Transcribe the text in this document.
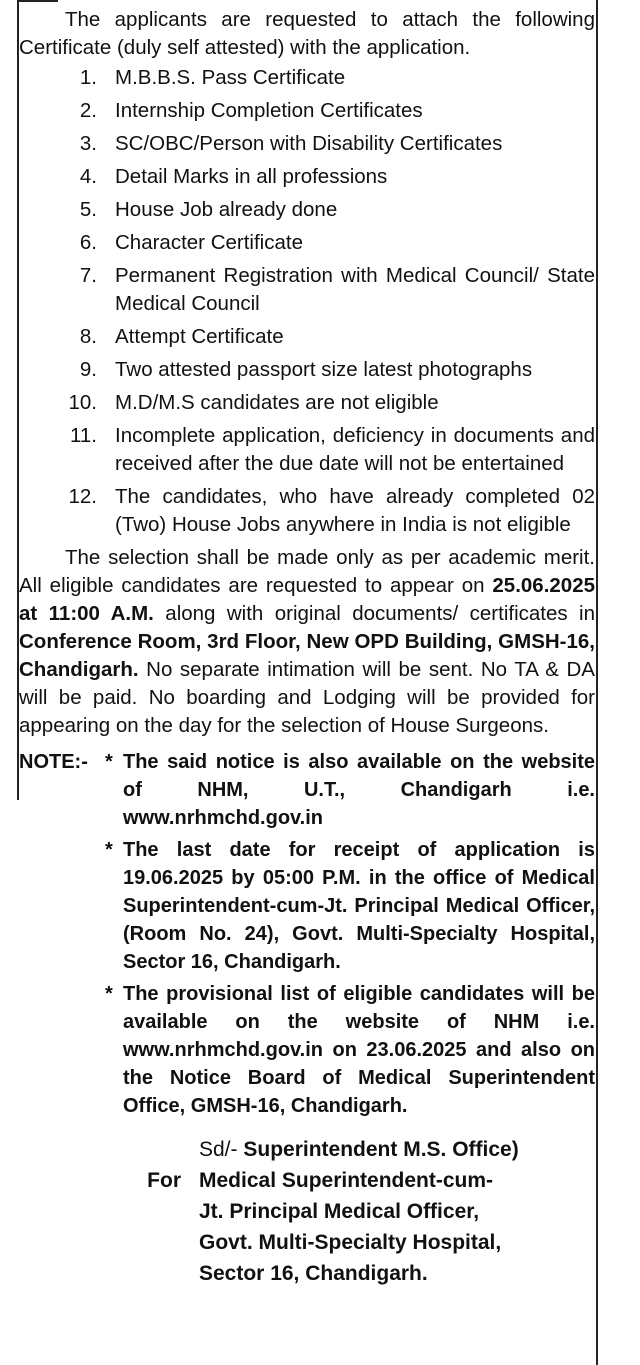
The applicants are requested to attach the following Certificate (duly self attested) with the application.
1. M.B.B.S. Pass Certificate
2. Internship Completion Certificates
3. SC/OBC/Person with Disability Certificates
4. Detail Marks in all professions
5. House Job already done
6. Character Certificate
7. Permanent Registration with Medical Council/ State Medical Council
8. Attempt Certificate
9. Two attested passport size latest photographs
10. M.D/M.S candidates are not eligible
11. Incomplete application, deficiency in documents and received after the due date will not be entertained
12. The candidates, who have already completed 02 (Two) House Jobs anywhere in India is not eligible
The selection shall be made only as per academic merit. All eligible candidates are requested to appear on 25.06.2025 at 11:00 A.M. along with original documents/ certificates in Conference Room, 3rd Floor, New OPD Building, GMSH-16, Chandigarh. No separate intimation will be sent. No TA & DA will be paid. No boarding and Lodging will be provided for appearing on the day for the selection of House Surgeons.
NOTE:- * The said notice is also available on the website of NHM, U.T., Chandigarh i.e. www.nrhmchd.gov.in
* The last date for receipt of application is 19.06.2025 by 05:00 P.M. in the office of Medical Superintendent-cum-Jt. Principal Medical Officer, (Room No. 24), Govt. Multi-Specialty Hospital, Sector 16, Chandigarh.
* The provisional list of eligible candidates will be available on the website of NHM i.e. www.nrhmchd.gov.in on 23.06.2025 and also on the Notice Board of Medical Superintendent Office, GMSH-16, Chandigarh.
Sd/- Superintendent M.S. Office)
For Medical Superintendent-cum-
Jt. Principal Medical Officer,
Govt. Multi-Specialty Hospital,
Sector 16, Chandigarh.
